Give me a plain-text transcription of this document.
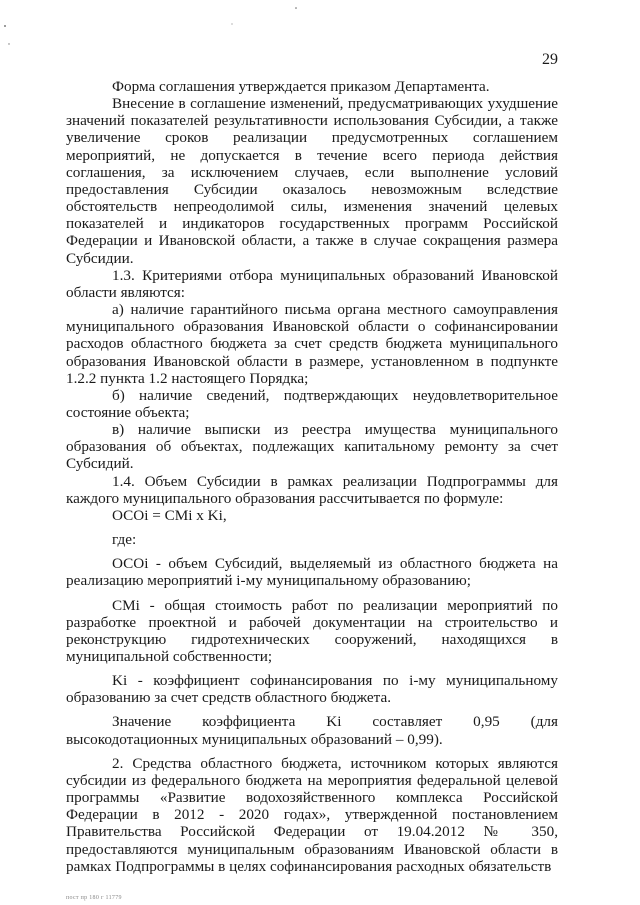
29

Форма соглашения утверждается приказом Департамента.

Внесение в соглашение изменений, предусматривающих ухудшение значений показателей результативности использования Субсидии, а также увеличение сроков реализации предусмотренных соглашением мероприятий, не допускается в течение всего периода действия соглашения, за исключением случаев, если выполнение условий предоставления Субсидии оказалось невозможным вследствие обстоятельств непреодолимой силы, изменения значений целевых показателей и индикаторов государственных программ Российской Федерации и Ивановской области, а также в случае сокращения размера Субсидии.

1.3. Критериями отбора муниципальных образований Ивановской области являются:

а) наличие гарантийного письма органа местного самоуправления муниципального образования Ивановской области о софинансировании расходов областного бюджета за счет средств бюджета муниципального образования Ивановской области в размере, установленном в подпункте 1.2.2 пункта 1.2 настоящего Порядка;

б) наличие сведений, подтверждающих неудовлетворительное состояние объекта;

в) наличие выписки из реестра имущества муниципального образования об объектах, подлежащих капитальному ремонту за счет Субсидий.

1.4. Объем Субсидии в рамках реализации Подпрограммы для каждого муниципального образования рассчитывается по формуле:

ОСОi = CMi x Ki,

где:

ОСОi - объем Субсидий, выделяемый из областного бюджета на реализацию мероприятий i-му муниципальному образованию;

CMi - общая стоимость работ по реализации мероприятий по разработке проектной и рабочей документации на строительство и реконструкцию гидротехнических сооружений, находящихся в муниципальной собственности;

Ki - коэффициент софинансирования по i-му муниципальному образованию за счет средств областного бюджета.

Значение коэффициента Ki составляет 0,95 (для высокодотационных муниципальных образований – 0,99).

2. Средства областного бюджета, источником которых являются субсидии из федерального бюджета на мероприятия федеральной целевой программы «Развитие водохозяйственного комплекса Российской Федерации в 2012 - 2020 годах», утвержденной постановлением Правительства Российской Федерации от 19.04.2012 № 350, предоставляются муниципальным образованиям Ивановской области в рамках Подпрограммы в целях софинансирования расходных обязательств

пост пр 180 г 11779
